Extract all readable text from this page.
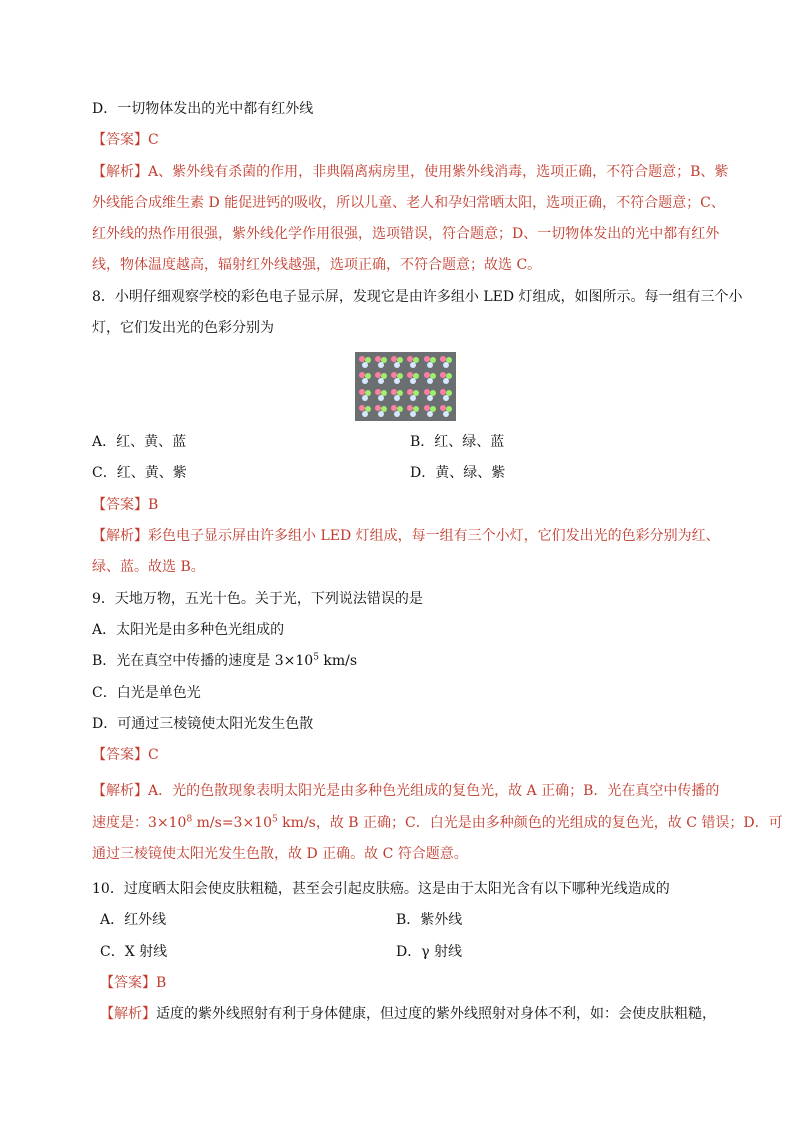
D．一切物体发出的光中都有红外线
【答案】C
【解析】A、紫外线有杀菌的作用，非典隔离病房里，使用紫外线消毒，选项正确，不符合题意；B、紫
外线能合成维生素 D 能促进钙的吸收，所以儿童、老人和孕妇常晒太阳，选项正确，不符合题意；C、
红外线的热作用很强，紫外线化学作用很强，选项错误，符合题意；D、一切物体发出的光中都有红外
线，物体温度越高，辐射红外线越强，选项正确，不符合题意；故选 C。
8．小明仔细观察学校的彩色电子显示屏，发现它是由许多组小 LED 灯组成，如图所示。每一组有三个小
灯，它们发出光的色彩分别为
A．红、黄、蓝	B．红、绿、蓝
C．红、黄、紫	D．黄、绿、紫
【答案】B
【解析】彩色电子显示屏由许多组小 LED 灯组成，每一组有三个小灯，它们发出光的色彩分别为红、
绿、蓝。故选 B。
9．天地万物，五光十色。关于光，下列说法错误的是
A．太阳光是由多种色光组成的
B．光在真空中传播的速度是 $3\times 10^5$ km/s
C．白光是单色光
D．可通过三棱镜使太阳光发生色散
【答案】C
【解析】A．光的色散现象表明太阳光是由多种色光组成的复色光，故 A 正确；B．光在真空中传播的
速度是：$3\times 10^8$ $m/s=3\times 10^5$ km/s，故 B 正确；C．白光是由多种颜色的光组成的复色光，故 C 错误；D．可
通过三棱镜使太阳光发生色散，故 D 正确。故 C 符合题意。
10．过度晒太阳会使皮肤粗糙，甚至会引起皮肤癌。这是由于太阳光含有以下哪种光线造成的
A．红外线	B．紫外线
C．X 射线	D．γ 射线
【答案】B
【解析】适度的紫外线照射有利于身体健康，但过度的紫外线照射对身体不利，如：会使皮肤粗糙，
